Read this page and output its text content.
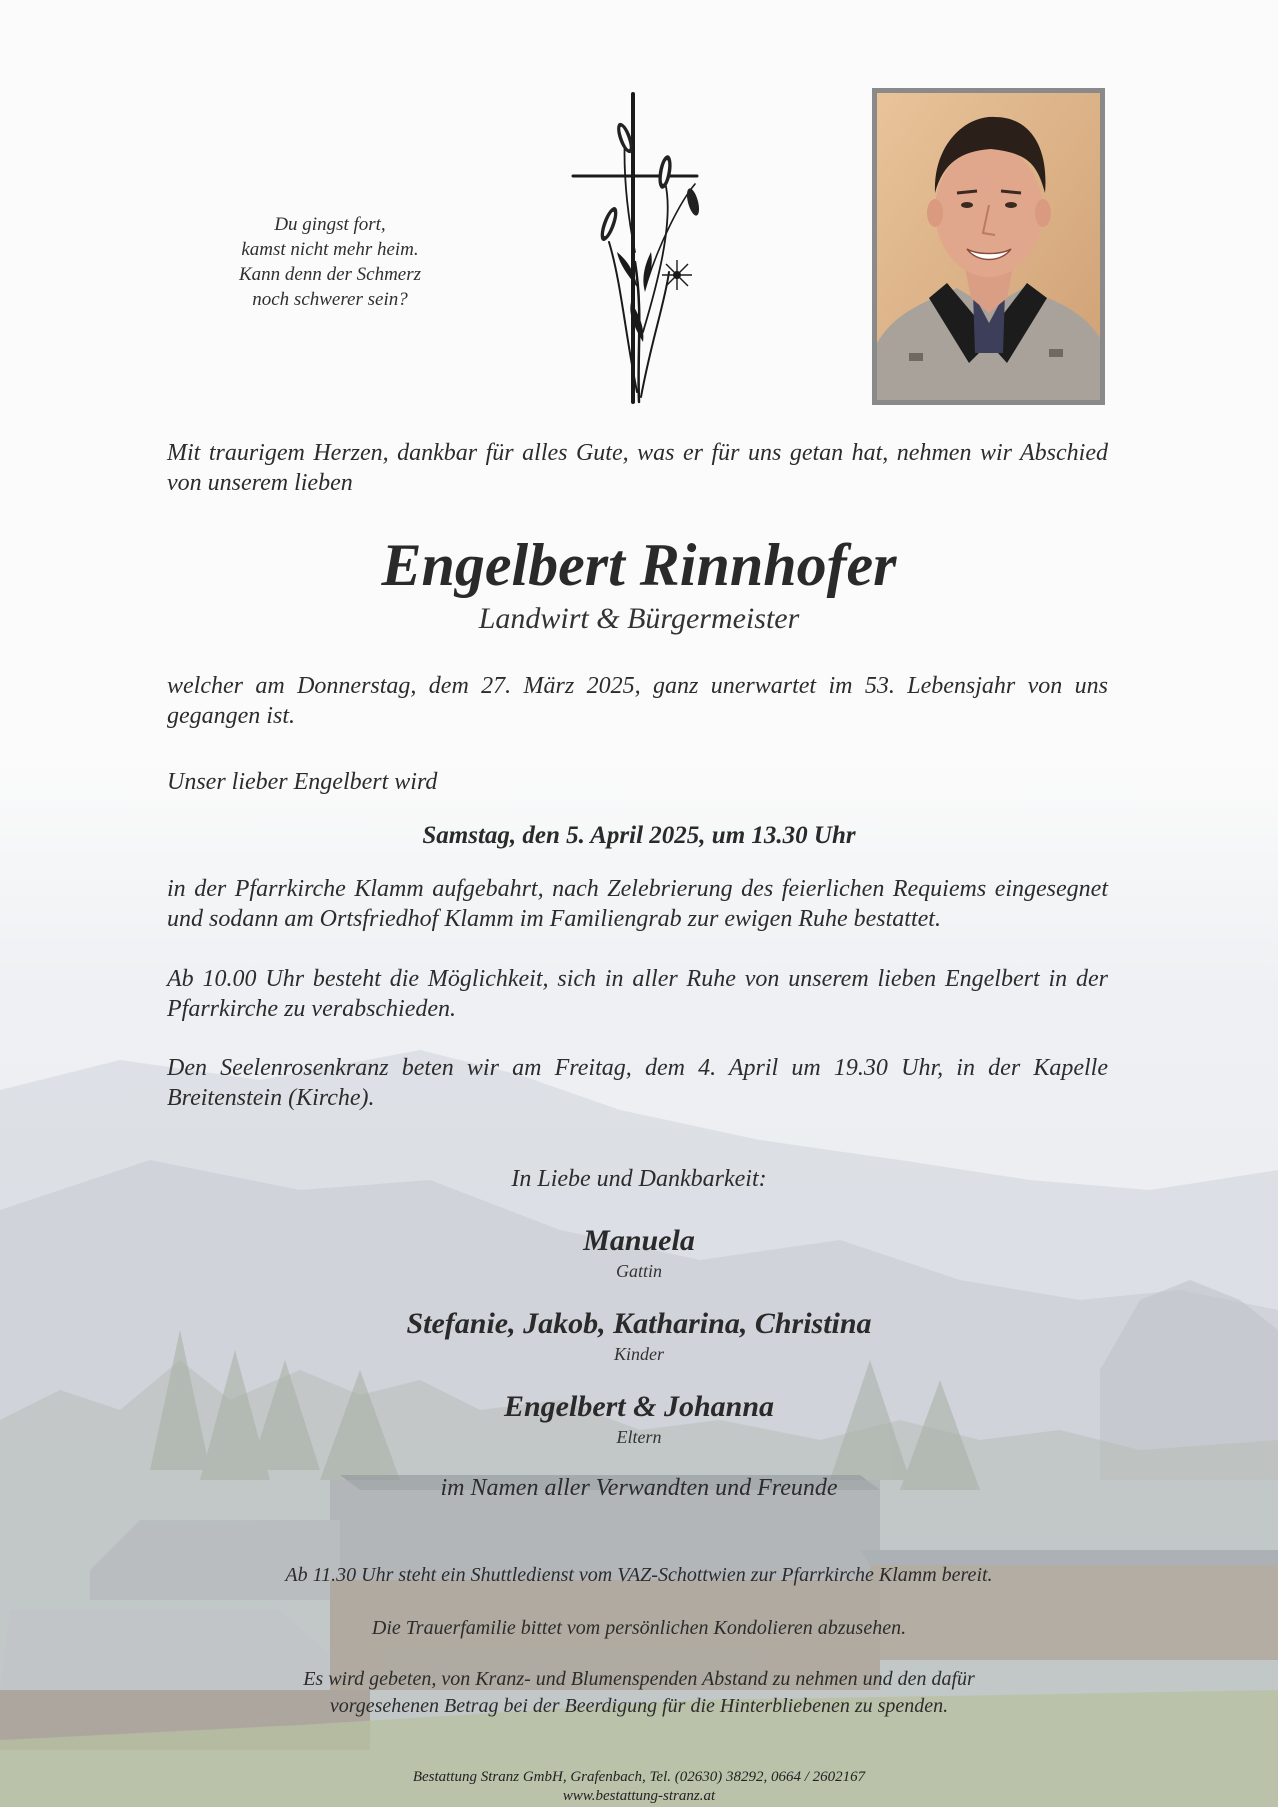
Du gingst fort,
kamst nicht mehr heim.
Kann denn der Schmerz
noch schwerer sein?
Mit traurigem Herzen, dankbar für alles Gute, was er für uns getan hat, nehmen wir Abschied von unserem lieben
Engelbert Rinnhofer
Landwirt & Bürgermeister
welcher am Donnerstag, dem 27. März 2025, ganz unerwartet im 53. Lebensjahr von uns gegangen ist.
Unser lieber Engelbert wird
Samstag, den 5. April 2025, um 13.30 Uhr
in der Pfarrkirche Klamm aufgebahrt, nach Zelebrierung des feierlichen Requiems eingesegnet und sodann am Ortsfriedhof Klamm im Familiengrab zur ewigen Ruhe bestattet.
Ab 10.00 Uhr besteht die Möglichkeit, sich in aller Ruhe von unserem lieben Engelbert in der Pfarrkirche zu verabschieden.
Den Seelenrosenkranz beten wir am Freitag, dem 4. April um 19.30 Uhr, in der Kapelle Breitenstein (Kirche).
In Liebe und Dankbarkeit:
Manuela
Gattin
Stefanie, Jakob, Katharina, Christina
Kinder
Engelbert & Johanna
Eltern
im Namen aller Verwandten und Freunde
Ab 11.30 Uhr steht ein Shuttledienst vom VAZ-Schottwien zur Pfarrkirche Klamm bereit.
Die Trauerfamilie bittet vom persönlichen Kondolieren abzusehen.
Es wird gebeten, von Kranz- und Blumenspenden Abstand zu nehmen und den dafür
vorgesehenen Betrag bei der Beerdigung für die Hinterbliebenen zu spenden.
Bestattung Stranz GmbH, Grafenbach, Tel. (02630) 38292, 0664 / 2602167
www.bestattung-stranz.at
